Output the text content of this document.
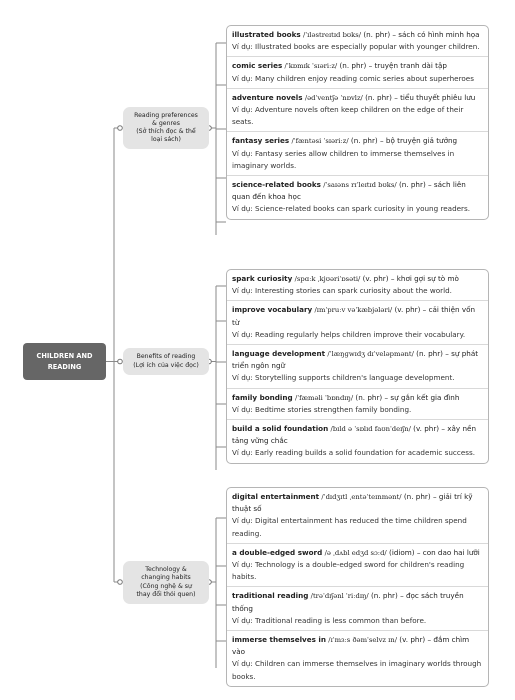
CHILDREN AND READING
Reading preferences
& genres
(Sở thích đọc & thể
loại sách)
Benefits of reading
(Lợi ích của việc đọc)
Technology &
changing habits
(Công nghệ & sự
thay đổi thói quen)
illustrated books /ˈɪləstreɪtɪd bʊks/ (n. phr) – sách có hình minh họa
Ví dụ: Illustrated books are especially popular with younger children.
comic series /ˈkɒmɪk ˈsɪəriːz/ (n. phr) – truyện tranh dài tập
Ví dụ: Many children enjoy reading comic series about superheroes
adventure novels /ədˈventʃə ˈnɒvlz/ (n. phr) – tiểu thuyết phiêu lưu
Ví dụ: Adventure novels often keep children on the edge of their seats.
fantasy series /ˈfæntəsi ˈsɪəriːz/ (n. phr) – bộ truyện giả tưởng
Ví dụ: Fantasy series allow children to immerse themselves in imaginary worlds.
science-related books /ˈsaɪəns rɪˈleɪtɪd bʊks/ (n. phr) – sách liên quan đến khoa học
Ví dụ: Science-related books can spark curiosity in young readers.
spark curiosity /spɑːk ˌkjʊəriˈɒsəti/ (v. phr) – khơi gợi sự tò mò
Ví dụ: Interesting stories can spark curiosity about the world.
improve vocabulary /ɪmˈpruːv vəˈkæbjələri/ (v. phr) – cải thiện vốn từ
Ví dụ: Reading regularly helps children improve their vocabulary.
language development /ˈlæŋɡwɪdʒ dɪˈveləpmənt/ (n. phr) – sự phát triển ngôn ngữ
Ví dụ: Storytelling supports children's language development.
family bonding /ˈfæməli ˈbɒndɪŋ/ (n. phr) – sự gắn kết gia đình
Ví dụ: Bedtime stories strengthen family bonding.
build a solid foundation /bɪld ə ˈsɒlɪd faʊnˈdeɪʃn/ (v. phr) – xây nền tảng vững chắc
Ví dụ: Early reading builds a solid foundation for academic success.
digital entertainment /ˈdɪdʒɪtl ˌentəˈteɪnmənt/ (n. phr) – giải trí kỹ thuật số
Ví dụ: Digital entertainment has reduced the time children spend reading.
a double-edged sword /ə ˌdʌbl edʒd sɔːd/ (idiom) – con dao hai lưỡi
Ví dụ: Technology is a double-edged sword for children's reading habits.
traditional reading /trəˈdɪʃənl ˈriːdɪŋ/ (n. phr) – đọc sách truyền thống
Ví dụ: Traditional reading is less common than before.
immerse themselves in /ɪˈmɜːs ðəmˈselvz ɪn/ (v. phr) – đắm chìm vào
Ví dụ: Children can immerse themselves in imaginary worlds through books.
